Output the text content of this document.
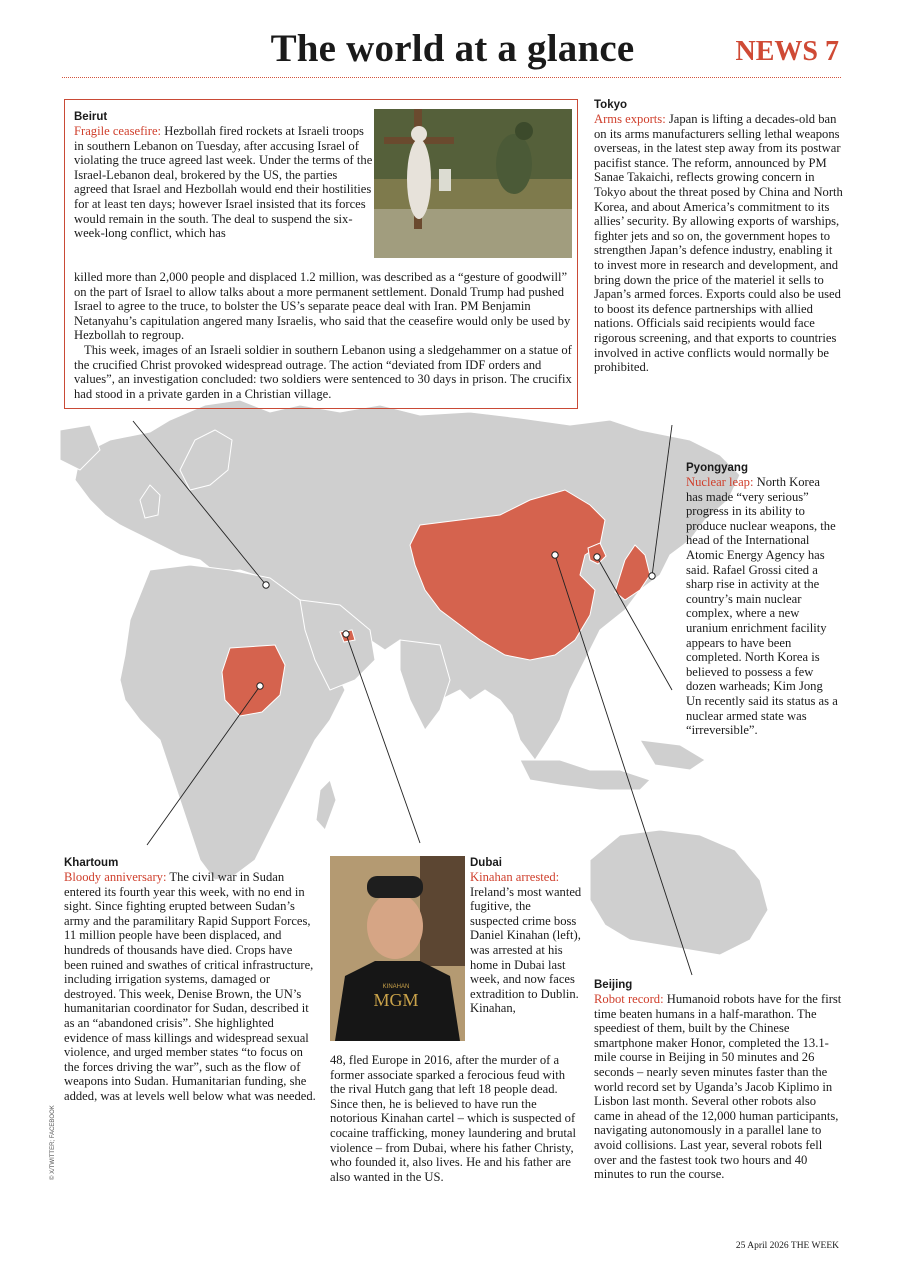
The world at a glance	NEWS 7

Beirut

Fragile ceasefire: Hezbollah fired rockets at Israeli troops in southern Lebanon on Tuesday, after accusing Israel of violating the truce agreed last week. Under the terms of the Israel-Lebanon deal, brokered by the US, the parties agreed that Israel and Hezbollah would end their hostilities for at least ten days; however Israel insisted that its forces would remain in the south. The deal to suspend the six-week-long conflict, which has

killed more than 2,000 people and displaced 1.2 million, was described as a “gesture of goodwill” on the part of Israel to allow talks about a more permanent settlement. Donald Trump had pushed Israel to agree to the truce, to bolster the US’s separate peace deal with Iran. PM Benjamin Netanyahu’s capitulation angered many Israelis, who said that the ceasefire would only be used by Hezbollah to regroup.

This week, images of an Israeli soldier in southern Lebanon using a sledgehammer on a statue of the crucified Christ provoked widespread outrage. The action “deviated from IDF orders and values”, an investigation concluded: two soldiers were sentenced to 30 days in prison. The crucifix had stood in a private garden in a Christian village.

Tokyo

Arms exports: Japan is lifting a decades-old ban on its arms manufacturers selling lethal weapons overseas, in the latest step away from its postwar pacifist stance. The reform, announced by PM Sanae Takaichi, reflects growing concern in Tokyo about the threat posed by China and North Korea, and about America’s commitment to its allies’ security. By allowing exports of warships, fighter jets and so on, the government hopes to strengthen Japan’s defence industry, enabling it to invest more in research and development, and bring down the price of the materiel it sells to Japan’s armed forces. Exports could also be used to boost its defence partnerships with allied nations. Officials said recipients would face rigorous screening, and that exports to countries involved in active conflicts would normally be prohibited.

Pyongyang

Nuclear leap: North Korea has made “very serious” progress in its ability to produce nuclear weapons, the head of the International Atomic Energy Agency has said. Rafael Grossi cited a sharp rise in activity at the country’s main nuclear complex, where a new uranium enrichment facility appears to have been completed. North Korea is believed to possess a few dozen warheads; Kim Jong Un recently said its status as a nuclear armed state was “irreversible”.

Khartoum

Bloody anniversary: The civil war in Sudan entered its fourth year this week, with no end in sight. Since fighting erupted between Sudan’s army and the paramilitary Rapid Support Forces, 11 million people have been displaced, and hundreds of thousands have died. Crops have been ruined and swathes of critical infrastructure, including irrigation systems, damaged or destroyed. This week, Denise Brown, the UN’s humanitarian coordinator for Sudan, described it as an “abandoned crisis”. She highlighted evidence of mass killings and widespread sexual violence, and urged member states “to focus on the forces driving the war”, such as the flow of weapons into Sudan. Humanitarian funding, she added, was at levels well below what was needed.

MGM
KINAHAN

Dubai

Kinahan arrested: Ireland’s most wanted fugitive, the suspected crime boss Daniel Kinahan (left), was arrested at his home in Dubai last week, and now faces extradition to Dublin. Kinahan,

48, fled Europe in 2016, after the murder of a former associate sparked a ferocious feud with the rival Hutch gang that left 18 people dead. Since then, he is believed to have run the notorious Kinahan cartel – which is suspected of cocaine trafficking, money laundering and brutal violence – from Dubai, where his father Christy, who founded it, also lives. He and his father are also wanted in the US.

Beijing

Robot record: Humanoid robots have for the first time beaten humans in a half-marathon. The speediest of them, built by the Chinese smartphone maker Honor, completed the 13.1-mile course in Beijing in 50 minutes and 26 seconds – nearly seven minutes faster than the world record set by Uganda’s Jacob Kiplimo in Lisbon last month. Several other robots also came in ahead of the 12,000 human participants, navigating autonomously in a parallel lane to avoid collisions. Last year, several robots fell over and the fastest took two hours and 40 minutes to run the course.

© X/TWITTER; FACEBOOK
25 April 2026 THE WEEK
